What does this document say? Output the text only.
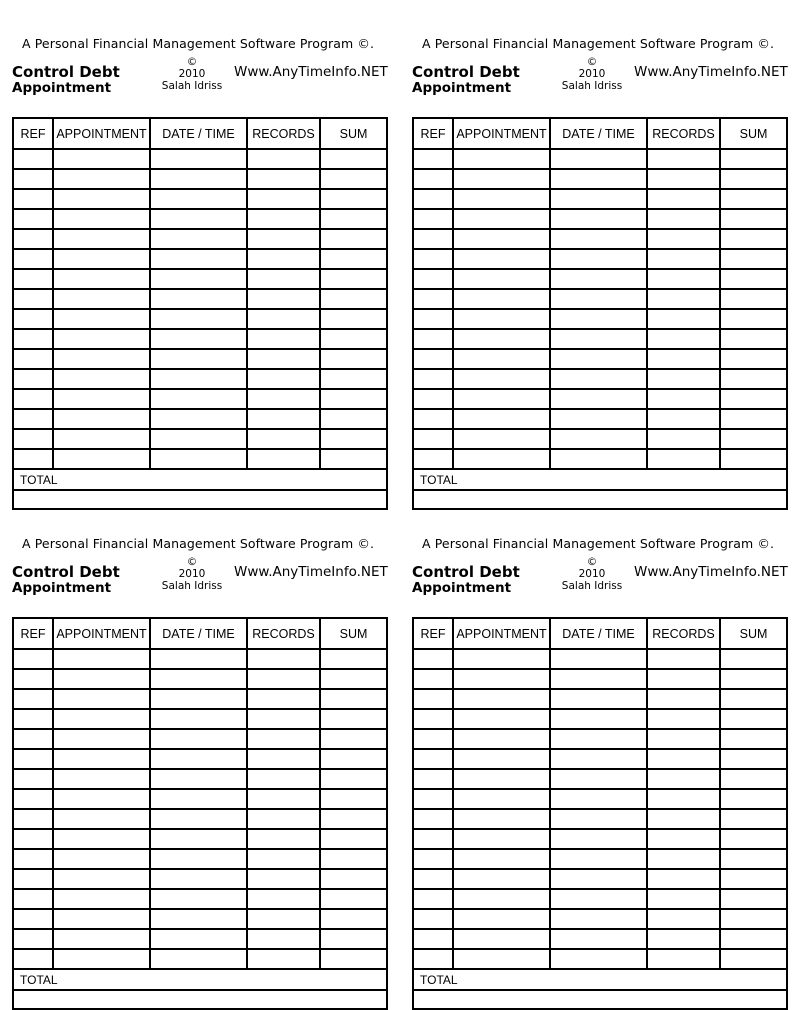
A Personal Financial Management Software Program ©.
Control Debt
Appointment
©
2010
Salah Idriss
Www.AnyTimeInfo.NET
REF	APPOINTMENT	DATE / TIME	RECORDS	SUM

TOTAL				

A Personal Financial Management Software Program ©.
Control Debt
Appointment
©
2010
Salah Idriss
Www.AnyTimeInfo.NET
REF	APPOINTMENT	DATE / TIME	RECORDS	SUM

TOTAL				

A Personal Financial Management Software Program ©.
Control Debt
Appointment
©
2010
Salah Idriss
Www.AnyTimeInfo.NET
REF	APPOINTMENT	DATE / TIME	RECORDS	SUM

TOTAL				

A Personal Financial Management Software Program ©.
Control Debt
Appointment
©
2010
Salah Idriss
Www.AnyTimeInfo.NET
REF	APPOINTMENT	DATE / TIME	RECORDS	SUM

TOTAL				
